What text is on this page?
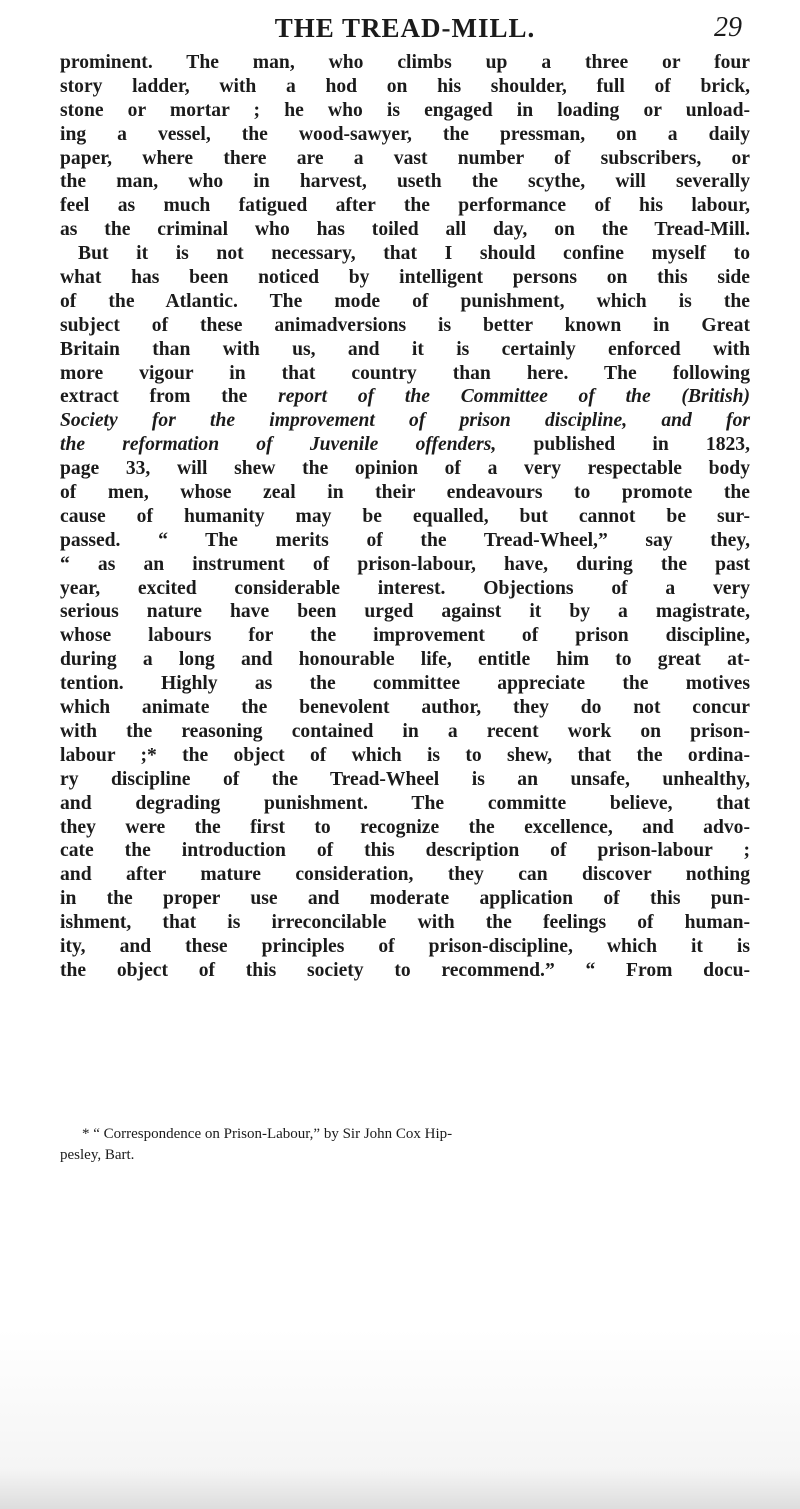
THE TREAD-MILL.	29
prominent. The man, who climbs up a three or four
story ladder, with a hod on his shoulder, full of brick,
stone or mortar ; he who is engaged in loading or unload-
ing a vessel, the wood-sawyer, the pressman, on a daily
paper, where there are a vast number of subscribers, or
the man, who in harvest, useth the scythe, will severally
feel as much fatigued after the performance of his labour,
as the criminal who has toiled all day, on the Tread-Mill.
But it is not necessary, that I should confine myself to
what has been noticed by intelligent persons on this side
of the Atlantic. The mode of punishment, which is the
subject of these animadversions is better known in Great
Britain than with us, and it is certainly enforced with
more vigour in that country than here. The following
extract from the report of the Committee of the (British)
Society for the improvement of prison discipline, and for
the reformation of Juvenile offenders, published in 1823,
page 33, will shew the opinion of a very respectable body
of men, whose zeal in their endeavours to promote the
cause of humanity may be equalled, but cannot be sur-
passed. “ The merits of the Tread-Wheel,” say they,
“ as an instrument of prison-labour, have, during the past
year, excited considerable interest. Objections of a very
serious nature have been urged against it by a magistrate,
whose labours for the improvement of prison discipline,
during a long and honourable life, entitle him to great at-
tention. Highly as the committee appreciate the motives
which animate the benevolent author, they do not concur
with the reasoning contained in a recent work on prison-
labour ;* the object of which is to shew, that the ordina-
ry discipline of the Tread-Wheel is an unsafe, unhealthy,
and degrading punishment. The committe believe, that
they were the first to recognize the excellence, and advo-
cate the introduction of this description of prison-labour ;
and after mature consideration, they can discover nothing
in the proper use and moderate application of this pun-
ishment, that is irreconcilable with the feelings of human-
ity, and these principles of prison-discipline, which it is
the object of this society to recommend.” “ From docu-
* “ Correspondence on Prison-Labour,” by Sir John Cox Hip-
pesley, Bart.
